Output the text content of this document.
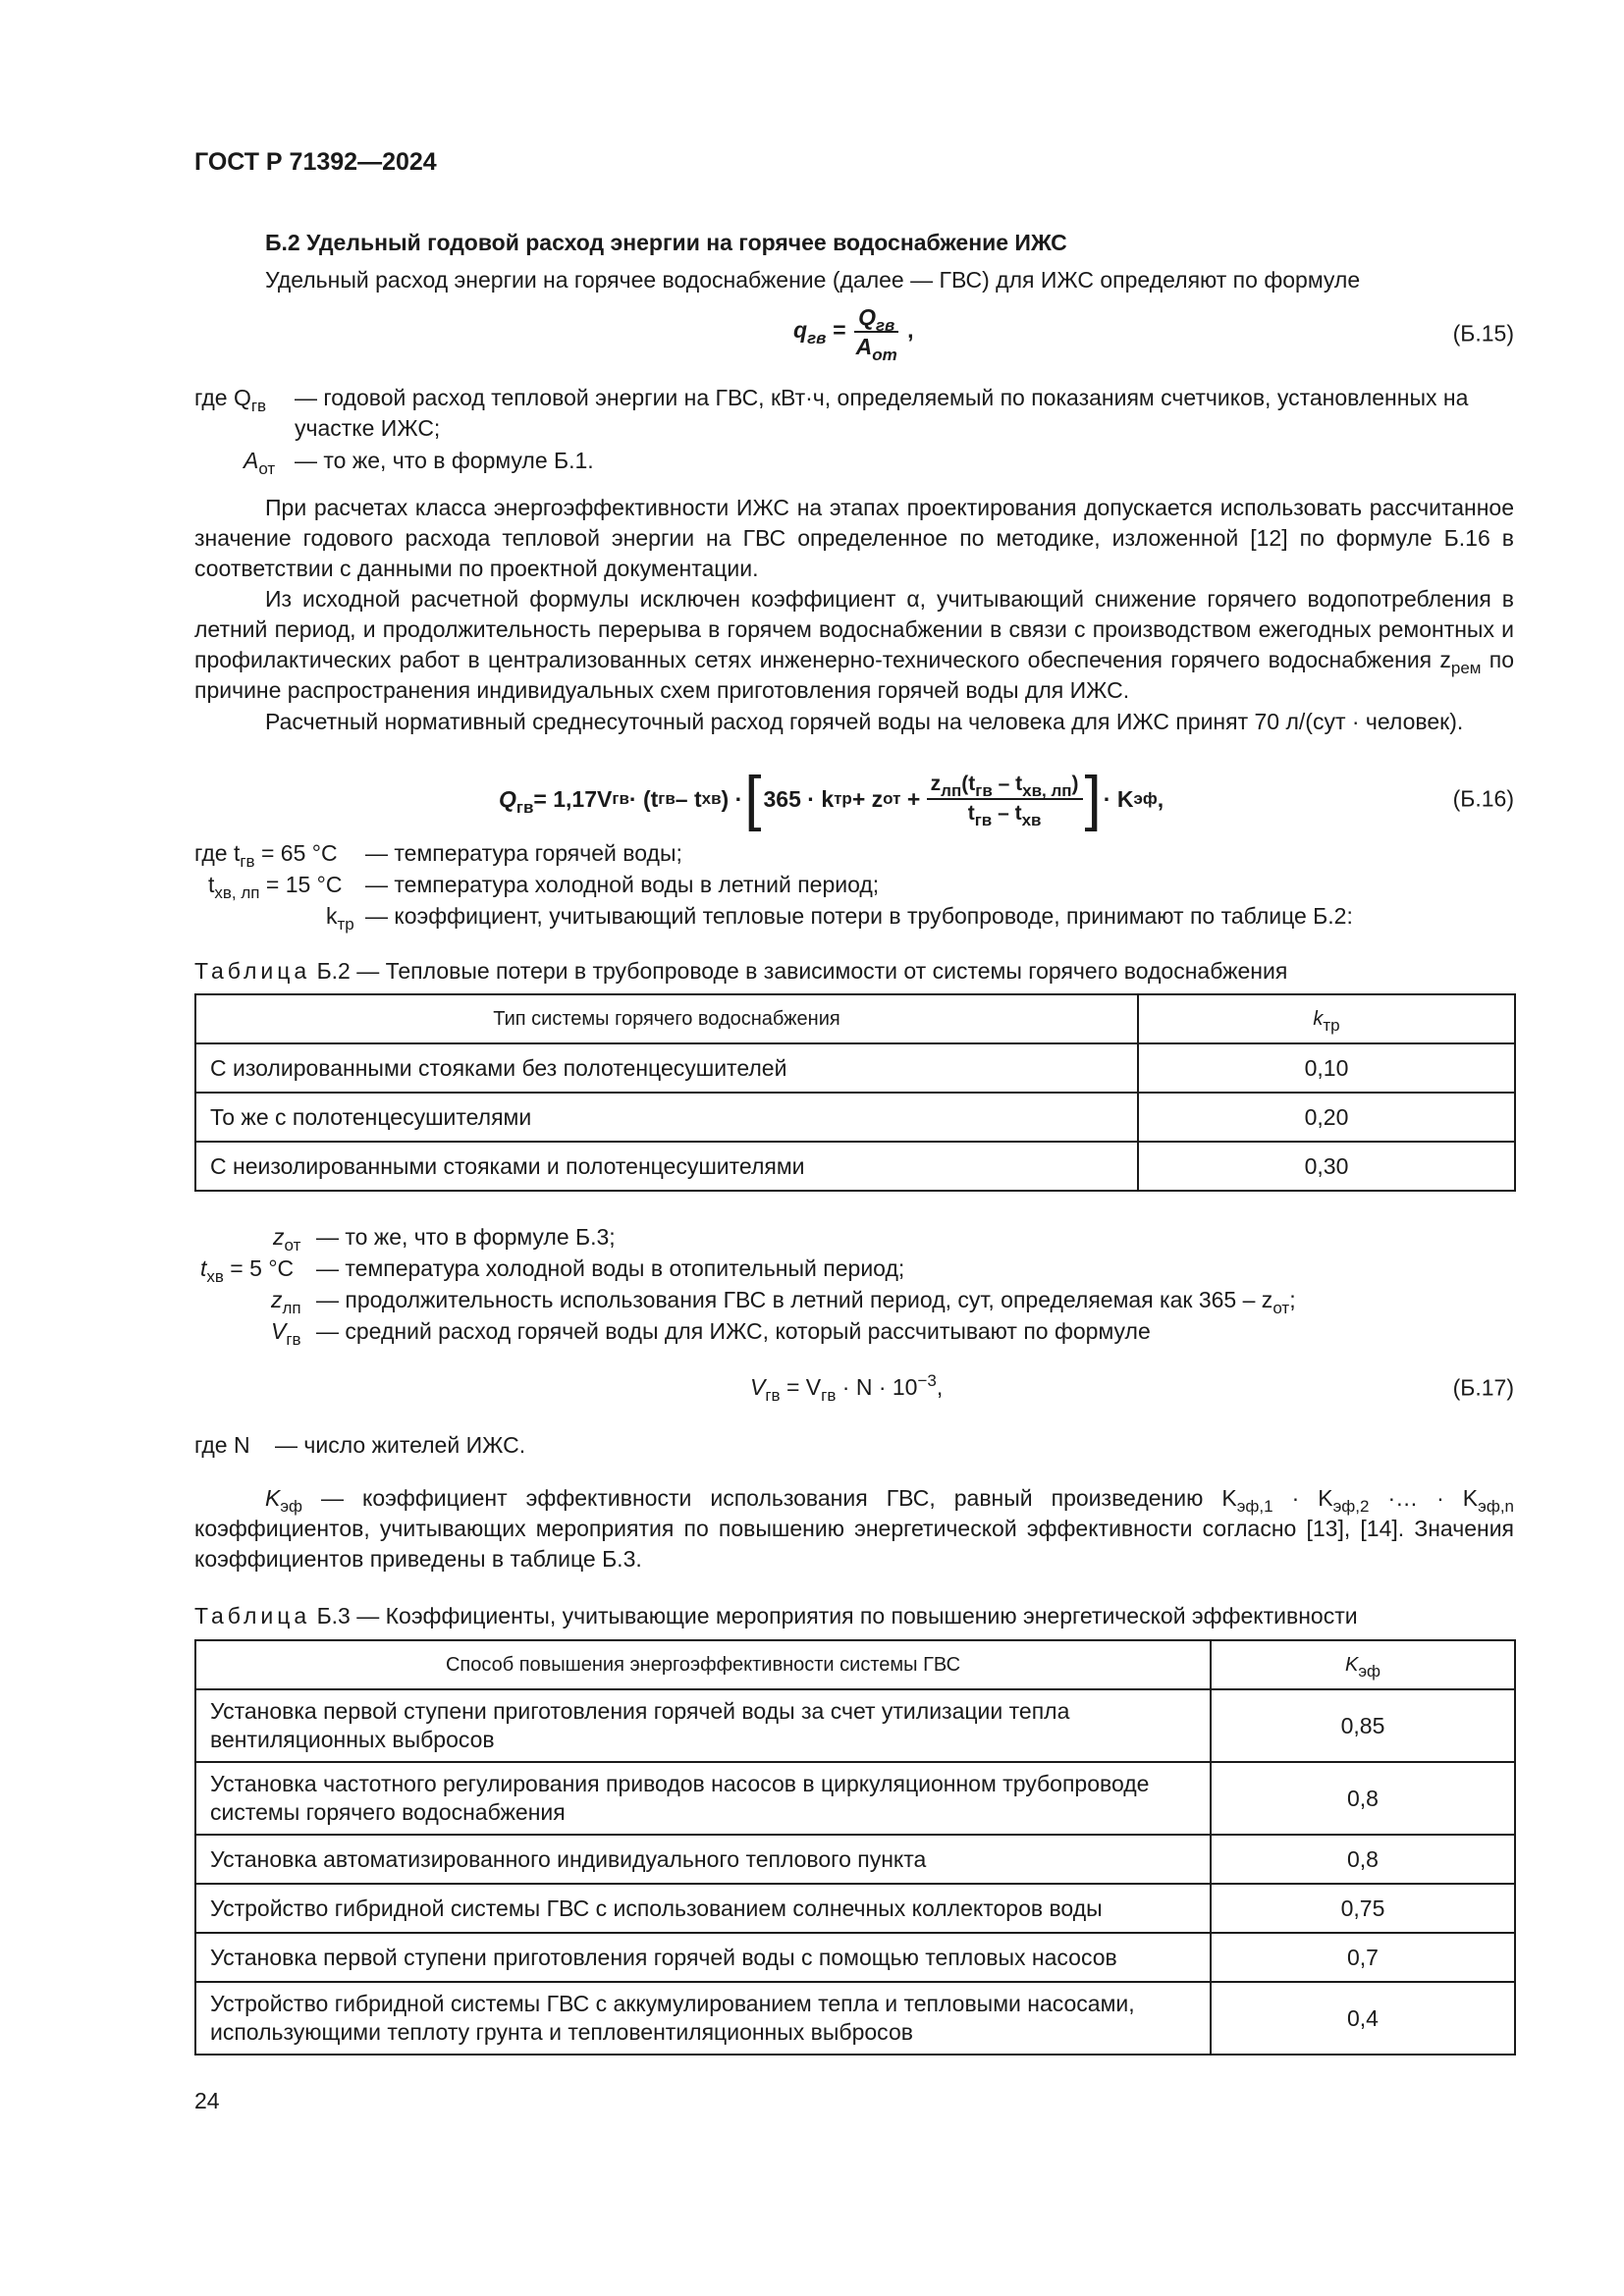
ГОСТ Р 71392—2024
Б.2 Удельный годовой расход энергии на горячее водоснабжение ИЖС
Удельный расход энергии на горячее водоснабжение (далее — ГВС) для ИЖС определяют по формуле
$q_{гв} = \frac{Q_{гв}}{A_{от}}$ ,	(Б.15)
где $Q_{гв}$ — годовой расход тепловой энергии на ГВС, кВт·ч, определяемый по показаниям счетчиков, установленных на участке ИЖС;
$A_{от}$ — то же, что в формуле Б.1.
При расчетах класса энергоэффективности ИЖС на этапах проектирования допускается использовать рассчитанное значение годового расхода тепловой энергии на ГВС определенное по методике, изложенной [12] по формуле Б.16 в соответствии с данными по проектной документации.
Из исходной расчетной формулы исключен коэффициент α, учитывающий снижение горячего водопотребления в летний период, и продолжительность перерыва в горячем водоснабжении в связи с производством ежегодных ремонтных и профилактических работ в централизованных сетях инженерно-технического обеспечения горячего водоснабжения $z_{рем}$ по причине распространения индивидуальных схем приготовления горячей воды для ИЖС.
Расчетный нормативный среднесуточный расход горячей воды на человека для ИЖС принят 70 л/(сут · человек).
$Q_{гв} = 1,17V$ гв · (t гв – t хв ) · [ 365 · k тр + z от + $\frac{z_{лп}(t_{гв} - t_{хв, лп})}{t_{гв} - t_{хв}}$ ] · K эф ,	(Б.16)
где $t_{гв} = 65$ °C — температура горячей воды;
$t_{хв, лп} = 15$ °C — температура холодной воды в летний период;
$k_{тр}$ — коэффициент, учитывающий тепловые потери в трубопроводе, принимают по таблице Б.2:
Таблица Б.2 — Тепловые потери в трубопроводе в зависимости от системы горячего водоснабжения
Тип системы горячего водоснабжения	$k_{тр}$
С изолированными стояками без полотенцесушителей	0,10
То же с полотенцесушителями	0,20
С неизолированными стояками и полотенцесушителями	0,30
$z_{от}$ — то же, что в формуле Б.3;
$t_{хв} = 5$ °C — температура холодной воды в отопительный период;
$z_{лп}$ — продолжительность использования ГВС в летний период, сут, определяемая как $365 - z_{от}$;
$V_{гв}$ — средний расход горячей воды для ИЖС, который рассчитывают по формуле
$V_{гв} = V_{гв} \cdot N \cdot 10^{-3}$,	(Б.17)
где N — число жителей ИЖС.
$K_{эф}$ — коэффициент эффективности использования ГВС, равный произведению $K_{эф,1} \cdot K_{эф,2}$ ·… · $K_{эф,n}$ коэффициентов, учитывающих мероприятия по повышению энергетической эффективности согласно [13], [14]. Значения коэффициентов приведены в таблице Б.3.
Таблица Б.3 — Коэффициенты, учитывающие мероприятия по повышению энергетической эффективности
Способ повышения энергоэффективности системы ГВС	$K_{эф}$
Установка первой ступени приготовления горячей воды за счет утилизации тепла вентиляционных выбросов	0,85
Установка частотного регулирования приводов насосов в циркуляционном трубопроводе системы горячего водоснабжения	0,8
Установка автоматизированного индивидуального теплового пункта	0,8
Устройство гибридной системы ГВС с использованием солнечных коллекторов воды	0,75
Установка первой ступени приготовления горячей воды с помощью тепловых насосов	0,7
Устройство гибридной системы ГВС с аккумулированием тепла и тепловыми насосами, использующими теплоту грунта и тепловентиляционных выбросов	0,4
24
